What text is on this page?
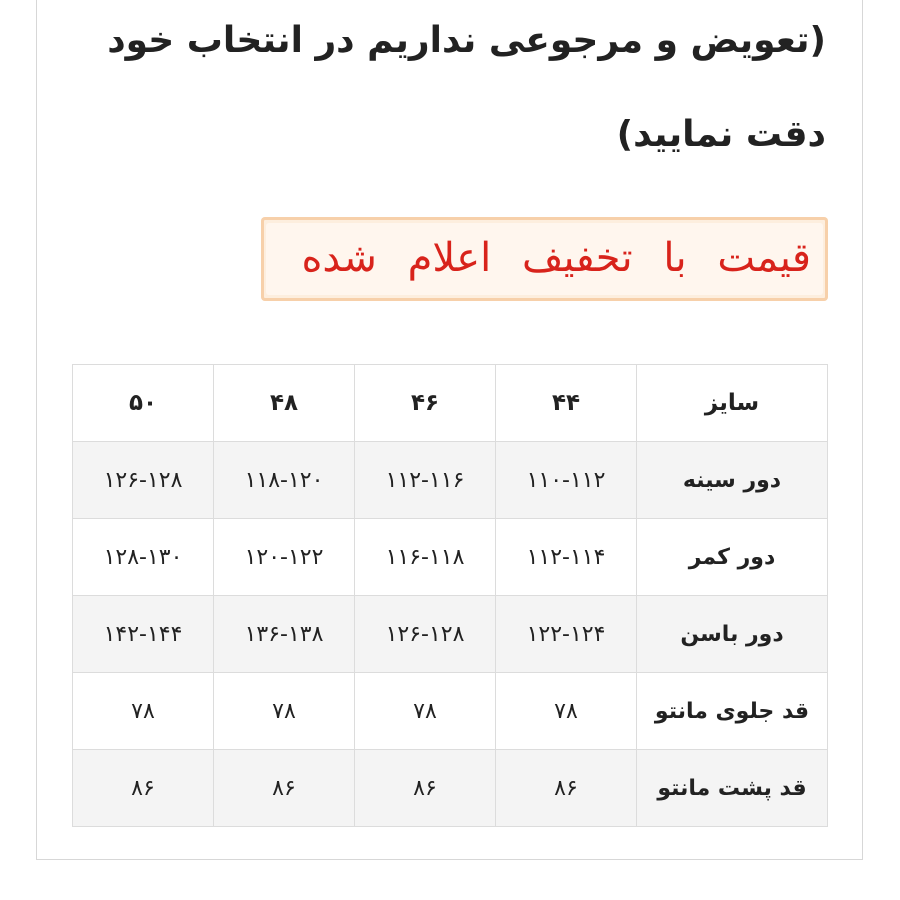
(تعویض و مرجوعی نداریم در انتخاب خود دقت نمایید)

قیمت با تخفیف اعلام شده
سایز	۴۴	۴۶	۴۸	۵۰
دور سینه	۱۱۰-۱۱۲	۱۱۲-۱۱۶	۱۱۸-۱۲۰	۱۲۶-۱۲۸
دور کمر	۱۱۲-۱۱۴	۱۱۶-۱۱۸	۱۲۰-۱۲۲	۱۲۸-۱۳۰
دور باسن	۱۲۲-۱۲۴	۱۲۶-۱۲۸	۱۳۶-۱۳۸	۱۴۲-۱۴۴
قد جلوی مانتو	۷۸	۷۸	۷۸	۷۸
قد پشت مانتو	۸۶	۸۶	۸۶	۸۶
